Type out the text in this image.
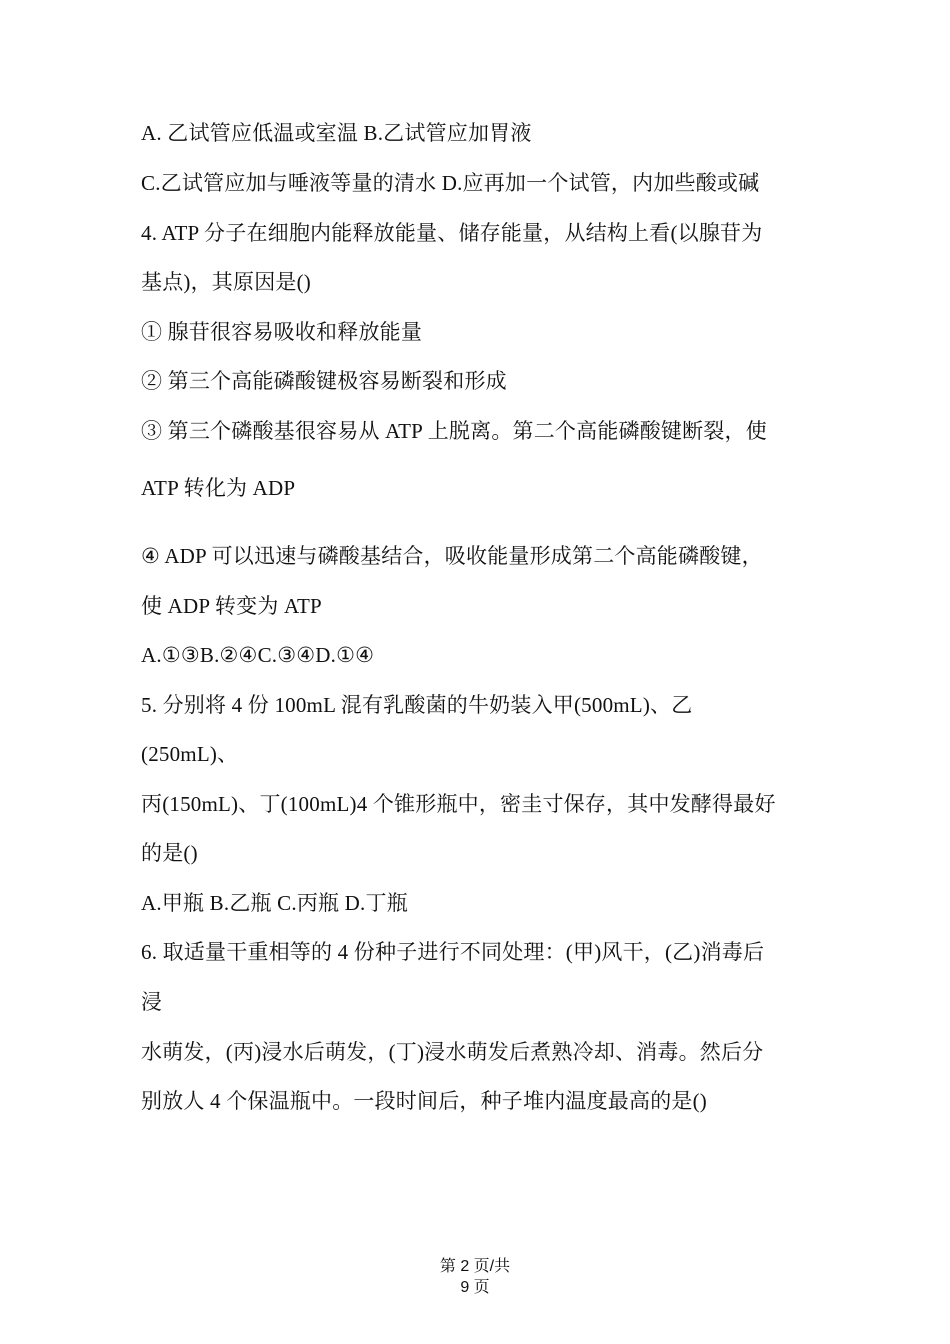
A. 乙试管应低温或室温 B.乙试管应加胃液
C.乙试管应加与唾液等量的清水 D.应再加一个试管，内加些酸或碱
4. ATP 分子在细胞内能释放能量、储存能量，从结构上看(以腺苷为
基点)，其原因是()
① 腺苷很容易吸收和释放能量
② 第三个高能磷酸键极容易断裂和形成
③ 第三个磷酸基很容易从 ATP 上脱离。第二个高能磷酸键断裂，使
ATP 转化为 ADP
④ ADP 可以迅速与磷酸基结合，吸收能量形成第二个高能磷酸键，
使 ADP 转变为 ATP
A.①③B.②④C.③④D.①④
5. 分别将 4 份 100mL 混有乳酸菌的牛奶装入甲(500mL)、乙
(250mL)、
丙(150mL)、丁(100mL)4 个锥形瓶中，密圭寸保存，其中发酵得最好
的是()
A.甲瓶 B.乙瓶 C.丙瓶 D.丁瓶
6. 取适量干重相等的 4 份种子进行不同处理：(甲)风干，(乙)消毒后
浸
水萌发，(丙)浸水后萌发，(丁)浸水萌发后煮熟冷却、消毒。然后分
别放人 4 个保温瓶中。一段时间后，种子堆内温度最高的是()
第 2 页/共
9 页
